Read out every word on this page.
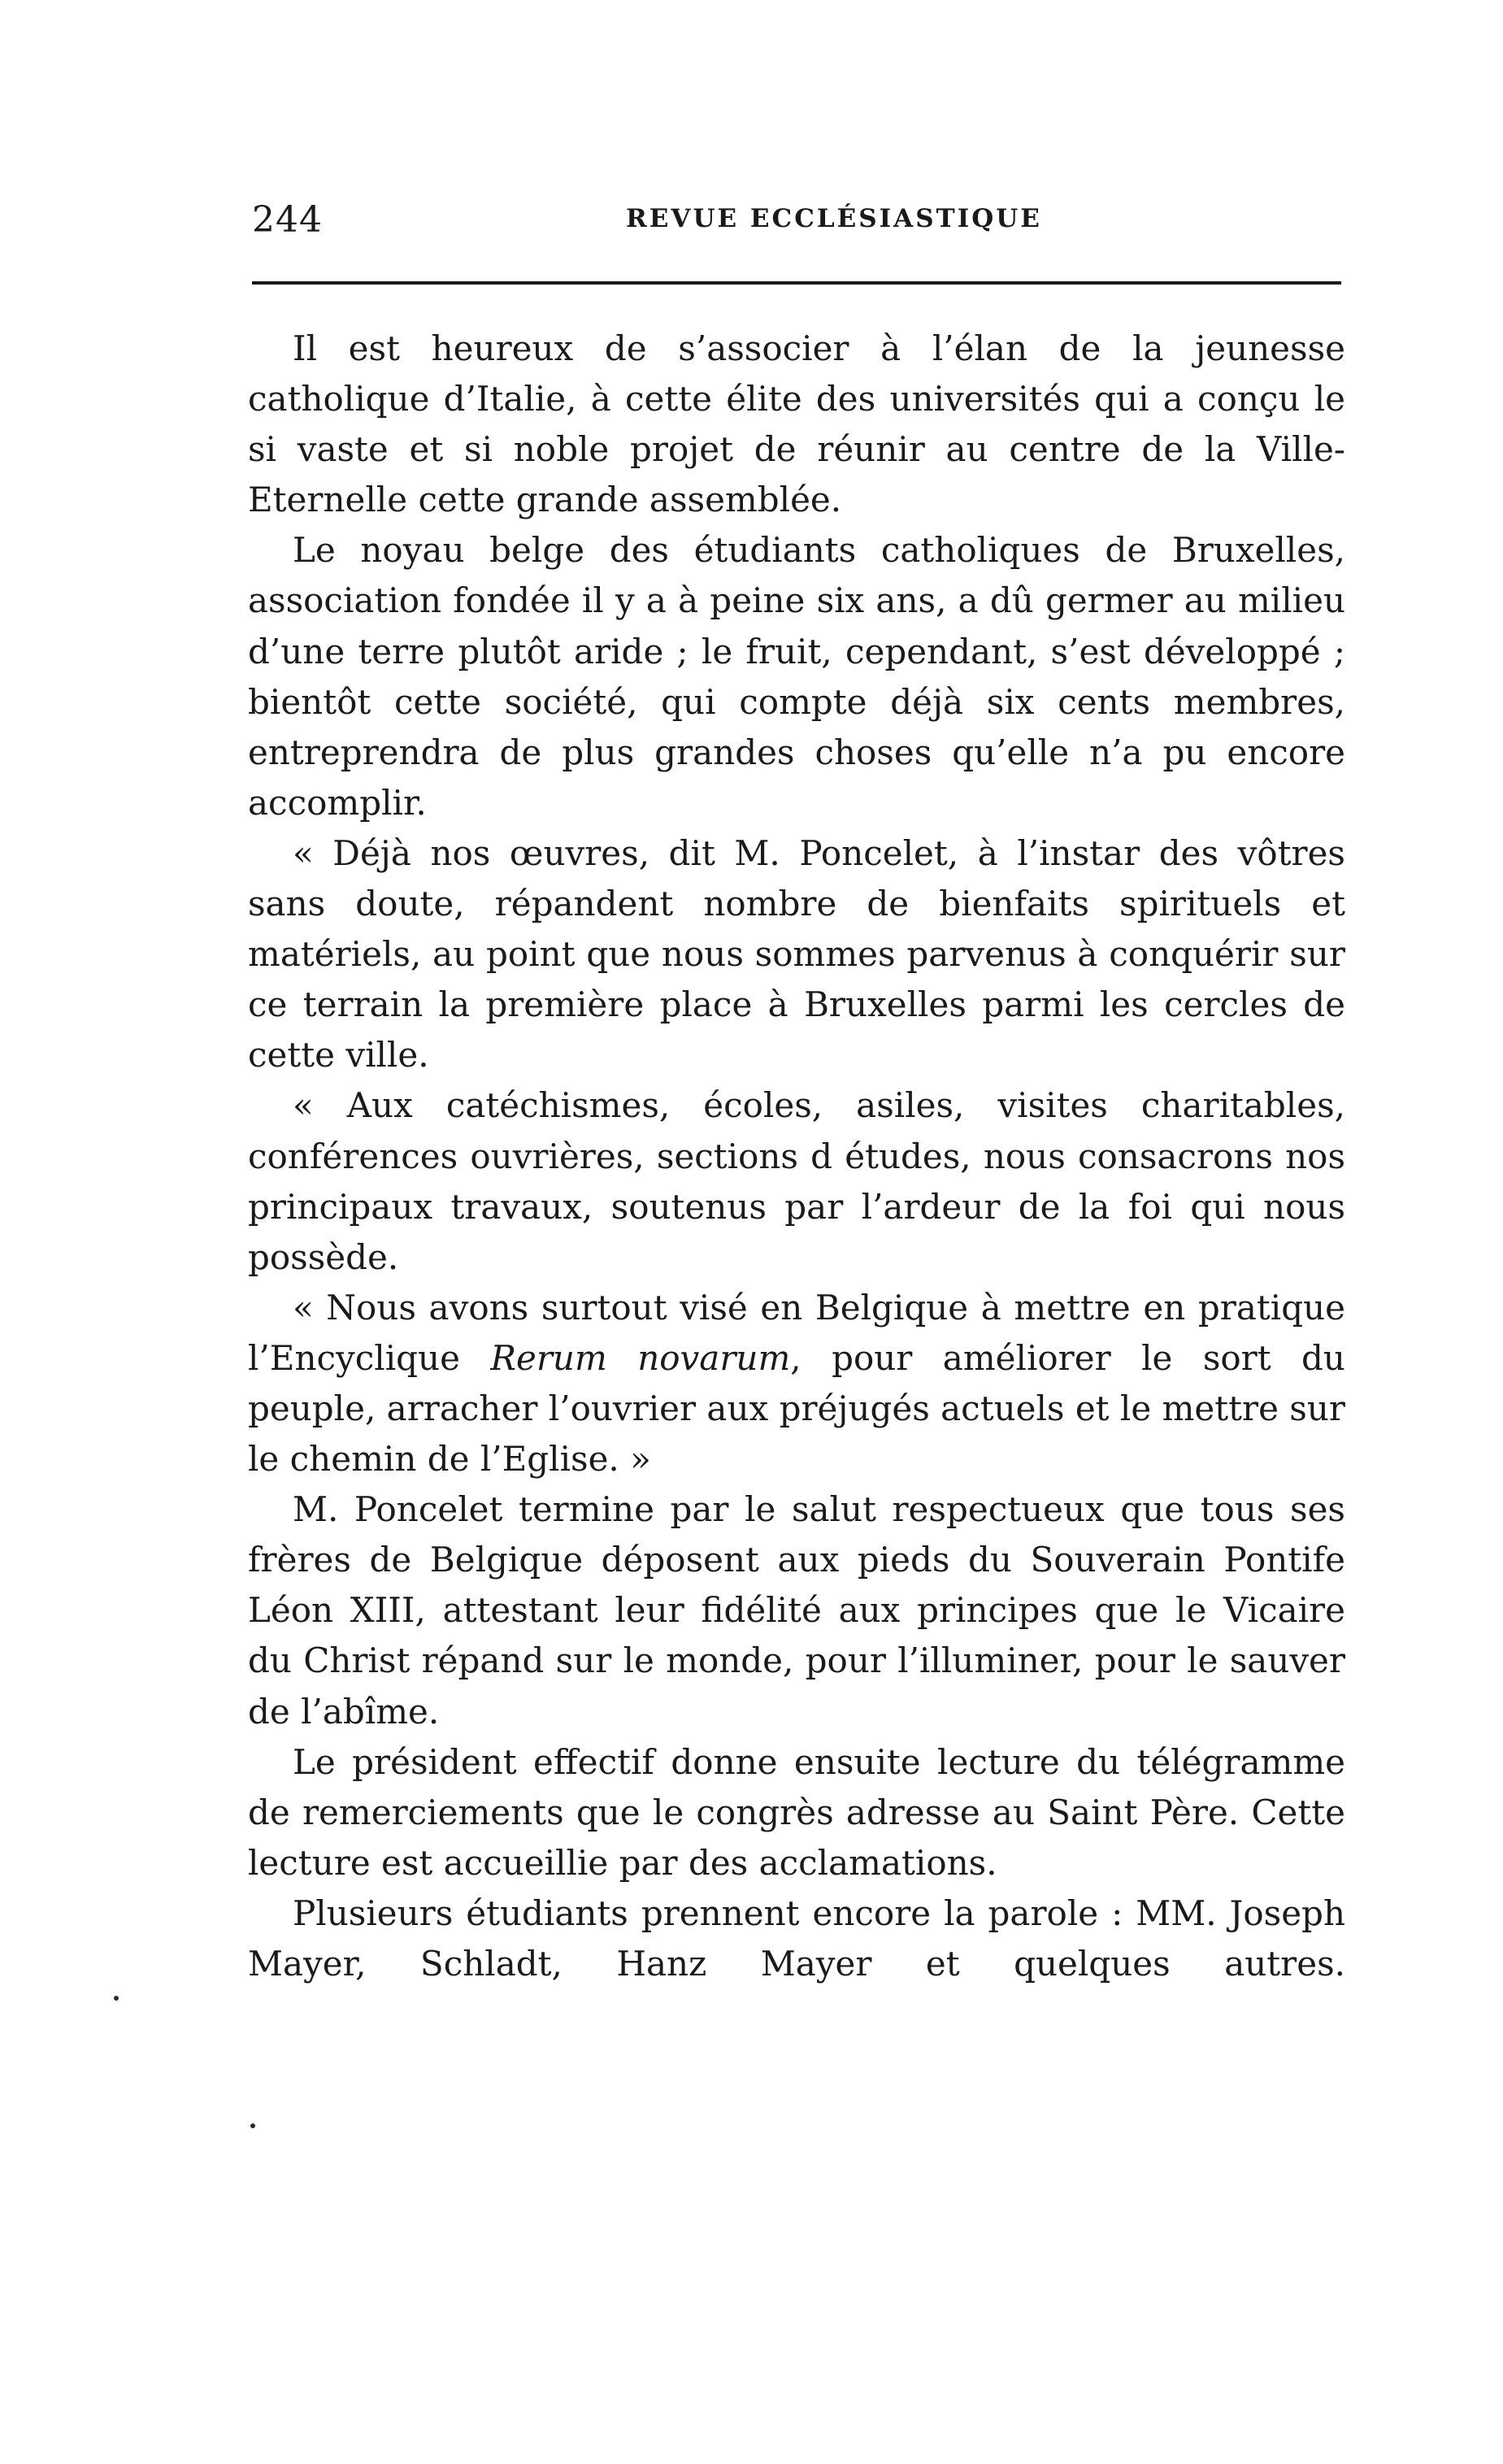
244	REVUE ECCLÉSIASTIQUE

Il est heureux de s’associer à l’élan de la jeunesse catholique d’Italie, à cette élite des universités qui a conçu le si vaste et si noble projet de réunir au centre de la Ville-Eternelle cette grande assemblée.

Le noyau belge des étudiants catholiques de Bruxelles, association fondée il y a à peine six ans, a dû germer au milieu d’une terre plutôt aride ; le fruit, cependant, s’est développé ; bientôt cette société, qui compte déjà six cents membres, entreprendra de plus grandes choses qu’elle n’a pu encore accomplir.

« Déjà nos œuvres, dit M. Poncelet, à l’instar des vôtres sans doute, répandent nombre de bienfaits spirituels et matériels, au point que nous sommes parvenus à conquérir sur ce terrain la première place à Bruxelles parmi les cercles de cette ville.

« Aux catéchismes, écoles, asiles, visites charitables, conférences ouvrières, sections d études, nous consacrons nos principaux travaux, soutenus par l’ardeur de la foi qui nous possède.

« Nous avons surtout visé en Belgique à mettre en pratique l’Encyclique Rerum novarum, pour améliorer le sort du peuple, arracher l’ouvrier aux préjugés actuels et le mettre sur le chemin de l’Eglise. »

M. Poncelet termine par le salut respectueux que tous ses frères de Belgique déposent aux pieds du Souverain Pontife Léon XIII, attestant leur fidélité aux principes que le Vicaire du Christ répand sur le monde, pour l’illuminer, pour le sauver de l’abîme.

Le président effectif donne ensuite lecture du télégramme de remerciements que le congrès adresse au Saint Père. Cette lecture est accueillie par des acclamations.

Plusieurs étudiants prennent encore la parole : MM. Joseph Mayer, Schladt, Hanz Mayer et quelques autres.
